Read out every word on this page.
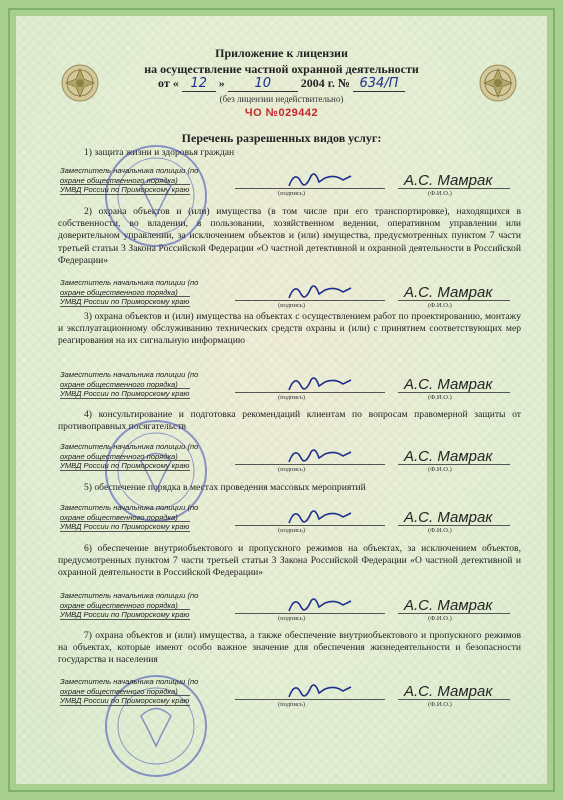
Приложение к лицензии
на осуществление частной охранной деятельности
от « 12 » 10 2004 г. № 634/П
(без лицензии недействительно)
ЧО №029442
Перечень разрешенных видов услуг:
1) защита жизни и здоровья граждан
2) охрана объектов и (или) имущества (в том числе при его транспортировке), находящихся в собственности, во владении, в пользовании, хозяйственном ведении, оперативном управлении или доверительном управлении, за исключением объектов и (или) имущества, предусмотренных пунктом 7 части третьей статьи 3 Закона Российской Федерации «О частной детективной и охранной деятельности в Российской Федерации»
3) охрана объектов и (или) имущества на объектах с осуществлением работ по проектированию, монтажу и эксплуатационному обслуживанию технических средств охраны и (или) с принятием соответствующих мер реагирования на их сигнальную информацию
4) консультирование и подготовка рекомендаций клиентам по вопросам правомерной защиты от противоправных посягательств
5) обеспечение порядка в местах проведения массовых мероприятий
6) обеспечение внутриобъектового и пропускного режимов на объектах, за исключением объектов, предусмотренных пунктом 7 части третьей статьи 3 Закона Российской Федерации «О частной детективной и охранной деятельности в Российской Федерации»
7) охрана объектов и (или) имущества, а также обеспечение внутриобъектового и пропускного режимов на объектах, которые имеют особо важное значение для обеспечения жизнедеятельности и безопасности государства и населения
Заместитель начальника полиции (по
охране общественного порядка)
УМВД России по Приморскому краю	(подпись)
А.С. Мамрак
(Ф.И.О.)
Заместитель начальника полиции (по
охране общественного порядка)
УМВД России по Приморскому краю	(подпись)
А.С. Мамрак
(Ф.И.О.)
Заместитель начальника полиции (по
охране общественного порядка)
УМВД России по Приморскому краю	(подпись)
А.С. Мамрак
(Ф.И.О.)
Заместитель начальника полиции (по
охране общественного порядка)
УМВД России по Приморскому краю	(подпись)
А.С. Мамрак
(Ф.И.О.)
Заместитель начальника полиции (по
охране общественного порядка)
УМВД России по Приморскому краю	(подпись)
А.С. Мамрак
(Ф.И.О.)
Заместитель начальника полиции (по
охране общественного порядка)
УМВД России по Приморскому краю	(подпись)
А.С. Мамрак
(Ф.И.О.)
Заместитель начальника полиции (по
охране общественного порядка)
УМВД России по Приморскому краю	(подпись)
А.С. Мамрак
(Ф.И.О.)
